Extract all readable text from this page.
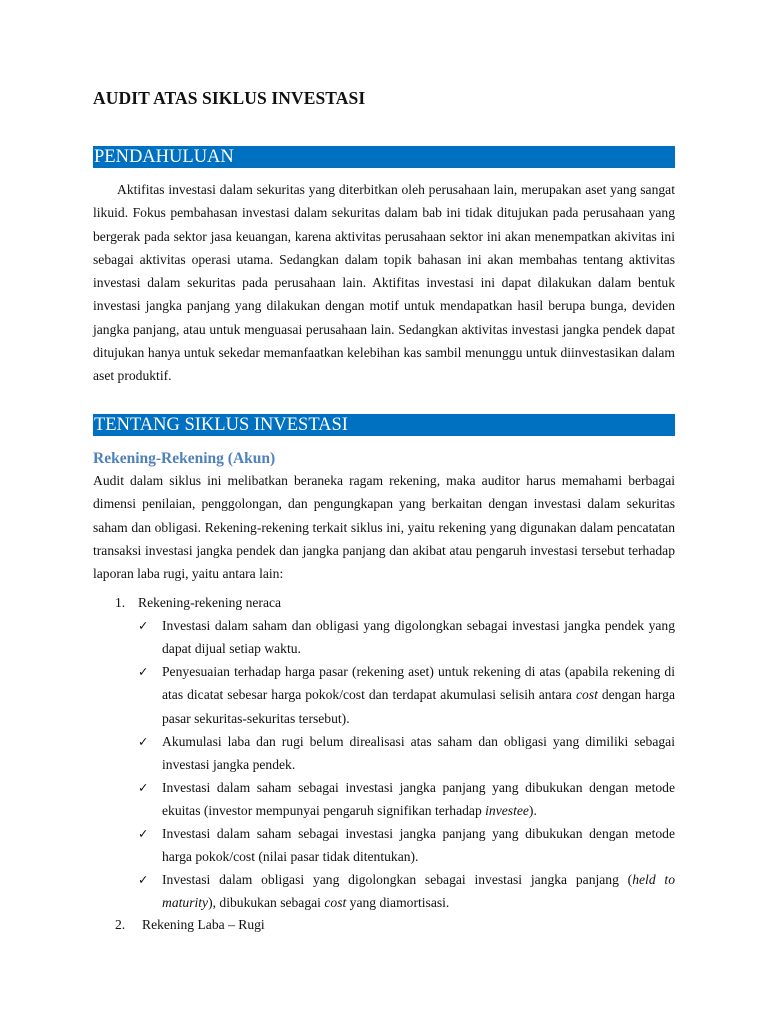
AUDIT ATAS SIKLUS INVESTASI
PENDAHULUAN

Aktifitas investasi dalam sekuritas yang diterbitkan oleh perusahaan lain, merupakan aset yang sangat likuid. Fokus pembahasan investasi dalam sekuritas dalam bab ini tidak ditujukan pada perusahaan yang bergerak pada sektor jasa keuangan, karena aktivitas perusahaan sektor ini akan menempatkan akivitas ini sebagai aktivitas operasi utama. Sedangkan dalam topik bahasan ini akan membahas tentang aktivitas investasi dalam sekuritas pada perusahaan lain. Aktifitas investasi ini dapat dilakukan dalam bentuk investasi jangka panjang yang dilakukan dengan motif untuk mendapatkan hasil berupa bunga, deviden jangka panjang, atau untuk menguasai perusahaan lain. Sedangkan aktivitas investasi jangka pendek dapat ditujukan hanya untuk sekedar memanfaatkan kelebihan kas sambil menunggu untuk diinvestasikan dalam aset produktif.

TENTANG SIKLUS INVESTASI
Rekening-Rekening (Akun)

Audit dalam siklus ini melibatkan beraneka ragam rekening, maka auditor harus memahami berbagai dimensi penilaian, penggolongan, dan pengungkapan yang berkaitan dengan investasi dalam sekuritas saham dan obligasi. Rekening-rekening terkait siklus ini, yaitu rekening yang digunakan dalam pencatatan transaksi investasi jangka pendek dan jangka panjang dan akibat atau pengaruh investasi tersebut terhadap laporan laba rugi, yaitu antara lain:

1. Rekening-rekening neraca
✓ Investasi dalam saham dan obligasi yang digolongkan sebagai investasi jangka pendek yang dapat dijual setiap waktu.

✓ Penyesuaian terhadap harga pasar (rekening aset) untuk rekening di atas (apabila rekening di atas dicatat sebesar harga pokok/cost dan terdapat akumulasi selisih antara cost dengan harga pasar sekuritas-sekuritas tersebut).

✓ Akumulasi laba dan rugi belum direalisasi atas saham dan obligasi yang dimiliki sebagai investasi jangka pendek.

✓ Investasi dalam saham sebagai investasi jangka panjang yang dibukukan dengan metode ekuitas (investor mempunyai pengaruh signifikan terhadap investee).

✓ Investasi dalam saham sebagai investasi jangka panjang yang dibukukan dengan metode harga pokok/cost (nilai pasar tidak ditentukan).

✓ Investasi dalam obligasi yang digolongkan sebagai investasi jangka panjang (held to maturity), dibukukan sebagai cost yang diamortisasi.

2. Rekening Laba – Rugi
